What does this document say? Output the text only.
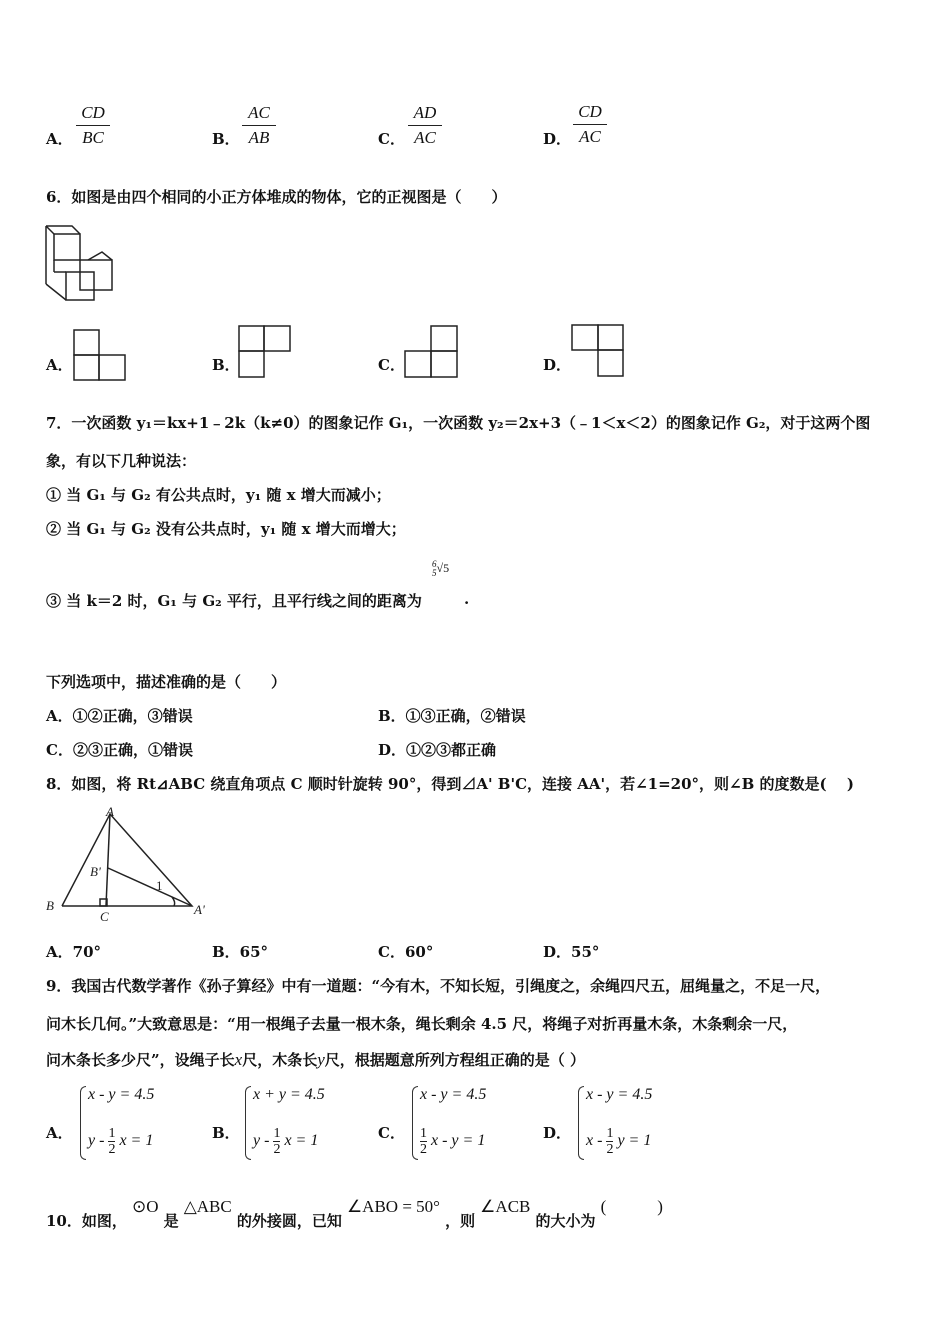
A．
CD
BC	B．
AC
AB	C．
AD
AC	D．
CD
AC
6．如图是由四个相同的小正方体堆成的物体，它的正视图是（　　）
A．	B．	C．	D．
7．一次函数 y₁＝kx+1﹣2k（k≠0）的图象记作 G₁，一次函数 y₂＝2x+3（﹣1＜x＜2）的图象记作 G₂，对于这两个图
象，有以下几种说法：
① 当 G₁ 与 G₂ 有公共点时，y₁ 随 x 增大而减小；
② 当 G₁ 与 G₂ 没有公共点时，y₁ 随 x 增大而增大；
③ 当 k＝2 时，G₁ 与 G₂ 平行，且平行线之间的距离为
6
5√5
.
下列选项中，描述准确的是（　　）
A．①②正确，③错误	B．①③正确，②错误
C．②③正确，①错误	D．①②③都正确
8．如图，将 Rt⊿ABC 绕直角项点 C 顺时针旋转 90°，得到⊿A' B'C，连接 AA'，若∠1=20°，则∠B 的度数是(　 )
A
B
C
B'
A'
1
A．70°	B．65°	C．60°	D．55°
9．我国古代数学著作《孙子算经》中有一道题：“今有木，不知长短，引绳度之，余绳四尺五，屈绳量之，不足一尺，
问木长几何。”大致意思是：“用一根绳子去量一根木条，绳长剩余 4.5 尺，将绳子对折再量木条，木条剩余一尺，
问木条长多少尺”，设绳子长x尺，木条长y尺，根据题意所列方程组正确的是（ ）
A．
x - y = 4.5
y - $\frac{1}{2}$ x = 1	B．
x + y = 4.5
y - $\frac{1}{2}$ x = 1	C．
x - y = 4.5
$\frac{1}{2}$ x - y = 1	D．
x - y = 4.5
x - $\frac{1}{2}$ y = 1
10．如图， ⊙O 是 △ABC 的外接圆，已知 ∠ABO = 50° ，则 ∠ACB 的大小为 (　　　)
